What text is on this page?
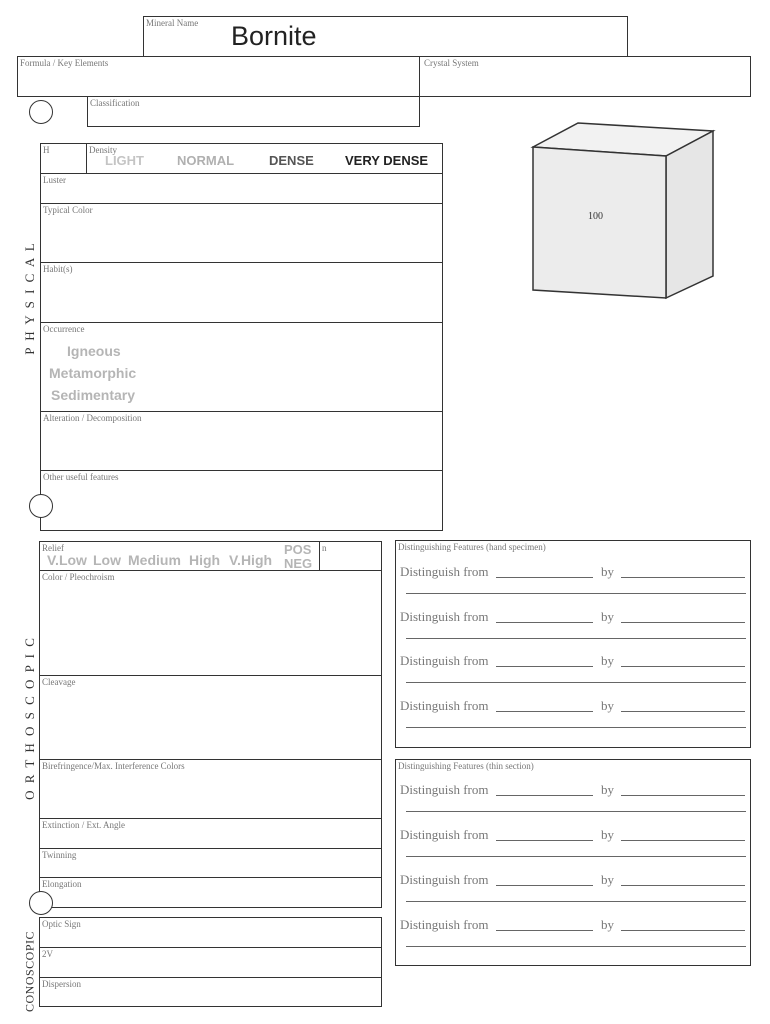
Mineral Name Bornite
Formula / Key Elements	Crystal System
Classification
P H Y S I C A L
H	Density
LIGHT	NORMAL	DENSE VERY DENSE
Luster
Typical Color
Habit(s)
Occurrence
Igneous
Metamorphic
Sedimentary
Alteration / Decomposition
Other useful features
100
O R T H O S C O P I C
Relief
V.Low Low Medium High V.High
POS
NEG
n
Color / Pleochroism
Cleavage
Birefringence/Max. Interference Colors
Extinction / Ext. Angle
Twinning
Elongation
CONOSCOPIC
Optic Sign
2V
Dispersion
Distinguishing Features (hand specimen)
Distinguish from	by
Distinguish from	by
Distinguish from	by
Distinguish from	by
Distinguishing Features (thin section)
Distinguish from	by
Distinguish from	by
Distinguish from	by
Distinguish from	by
